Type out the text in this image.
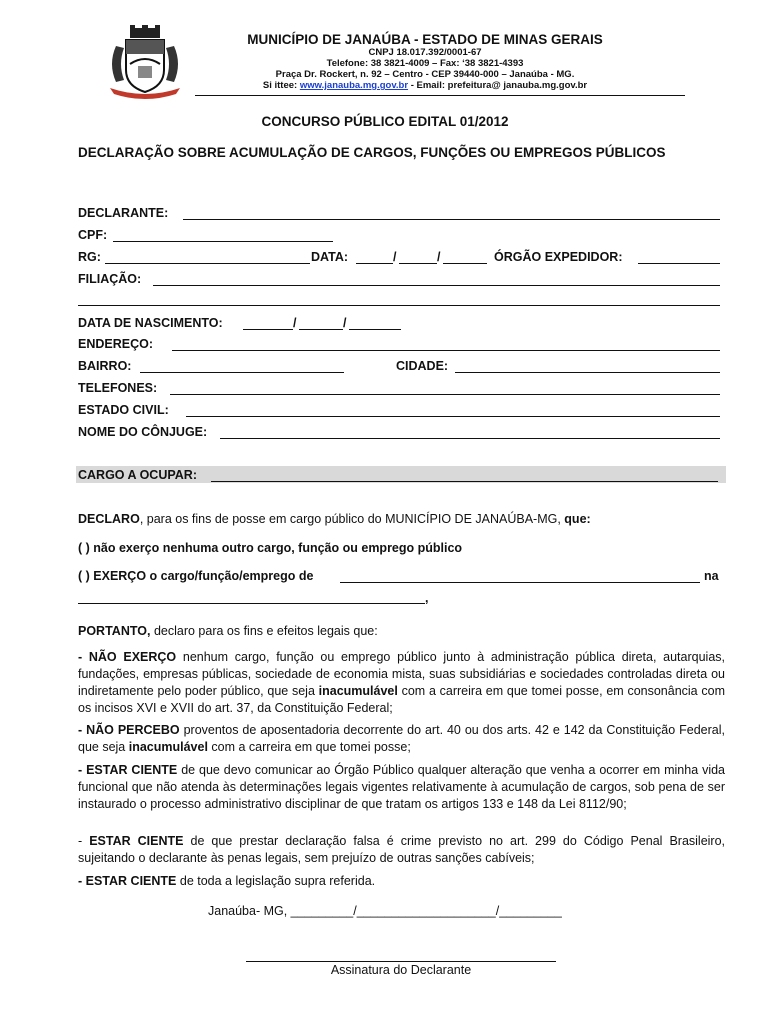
MUNICÍPIO DE JANAÚBA - ESTADO DE MINAS GERAIS
CNPJ 18.017.392/0001-67
Telefone: 38 3821-4009 – Fax: ‘38 3821-4393
Praça Dr. Rockert, n. 92 – Centro - CEP 39440-000 – Janaúba - MG.
Si ittee: www.janauba.mg.gov.br - Email: prefeitura@ janauba.mg.gov.br
CONCURSO PÚBLICO EDITAL 01/2012
DECLARAÇÃO SOBRE ACUMULAÇÃO DE CARGOS, FUNÇÕES OU EMPREGOS PÚBLICOS
DECLARANTE:
CPF:
RG:	DATA:	/	/	ÓRGÃO EXPEDIDOR:
FILIAÇÃO:
DATA DE NASCIMENTO:	/	/
ENDEREÇO:
BAIRRO:	CIDADE:
TELEFONES:
ESTADO CIVIL:
NOME DO CÔNJUGE:
CARGO A OCUPAR:
DECLARO, para os fins de posse em cargo público do MUNICÍPIO DE JANAÚBA-MG, que:
( ) não exerço nenhuma outro cargo, função ou emprego público
( ) EXERÇO o cargo/função/emprego de	na
,
PORTANTO, declaro para os fins e efeitos legais que:
- NÃO EXERÇO nenhum cargo, função ou emprego público junto à administração pública direta, autarquias, fundações, empresas públicas, sociedade de economia mista, suas subsidiárias e sociedades controladas direta ou indiretamente pelo poder público, que seja inacumulável com a carreira em que tomei posse, em consonância com os incisos XVI e XVII do art. 37, da Constituição Federal;
- NÃO PERCEBO proventos de aposentadoria decorrente do art. 40 ou dos arts. 42 e 142 da Constituição Federal, que seja inacumulável com a carreira em que tomei posse;
- ESTAR CIENTE de que devo comunicar ao Órgão Público qualquer alteração que venha a ocorrer em minha vida funcional que não atenda às determinações legais vigentes relativamente à acumulação de cargos, sob pena de ser instaurado o processo administrativo disciplinar de que tratam os artigos 133 e 148 da Lei 8112/90;
- ESTAR CIENTE de que prestar declaração falsa é crime previsto no art. 299 do Código Penal Brasileiro, sujeitando o declarante às penas legais, sem prejuízo de outras sanções cabíveis;
- ESTAR CIENTE de toda a legislação supra referida.
Janaúba- MG, _________/____________________/_________
Assinatura do Declarante
